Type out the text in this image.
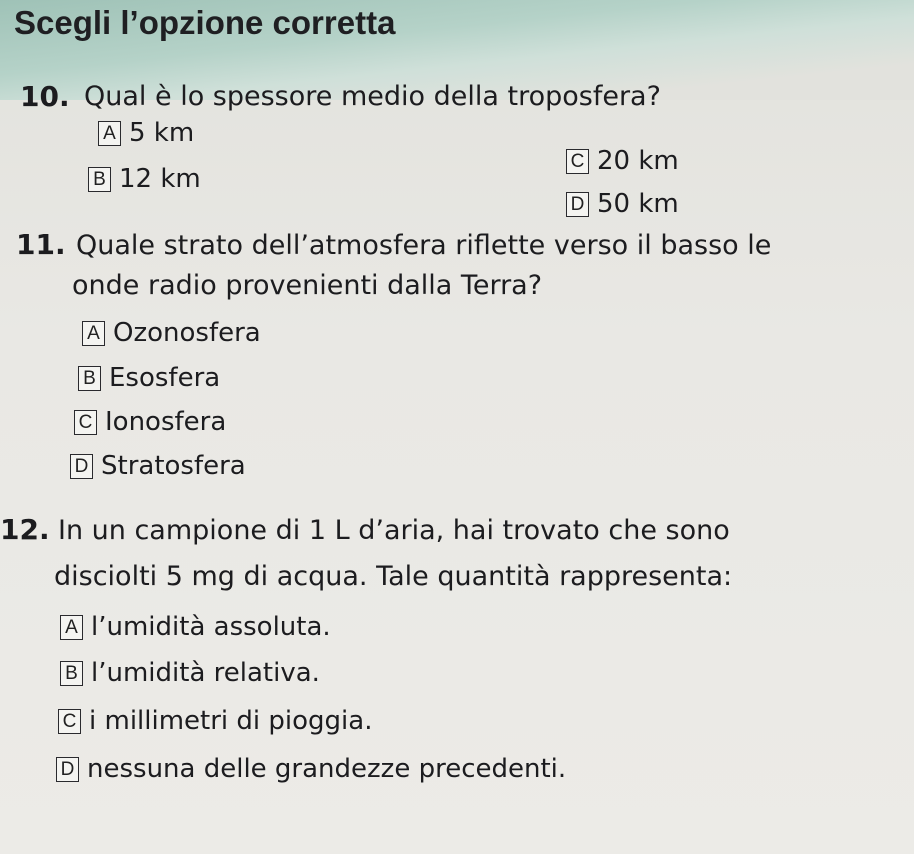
Scegli l’opzione corretta
10. Qual è lo spessore medio della troposfera?
A 5 km
B 12 km
C 20 km
D 50 km
11. Quale strato dell’atmosfera riflette verso il basso le
onde radio provenienti dalla Terra?
A Ozonosfera
B Esosfera
C Ionosfera
D Stratosfera
12. In un campione di 1 L d’aria, hai trovato che sono
disciolti 5 mg di acqua. Tale quantità rappresenta:
A l’umidità assoluta.
B l’umidità relativa.
C i millimetri di pioggia.
D nessuna delle grandezze precedenti.
